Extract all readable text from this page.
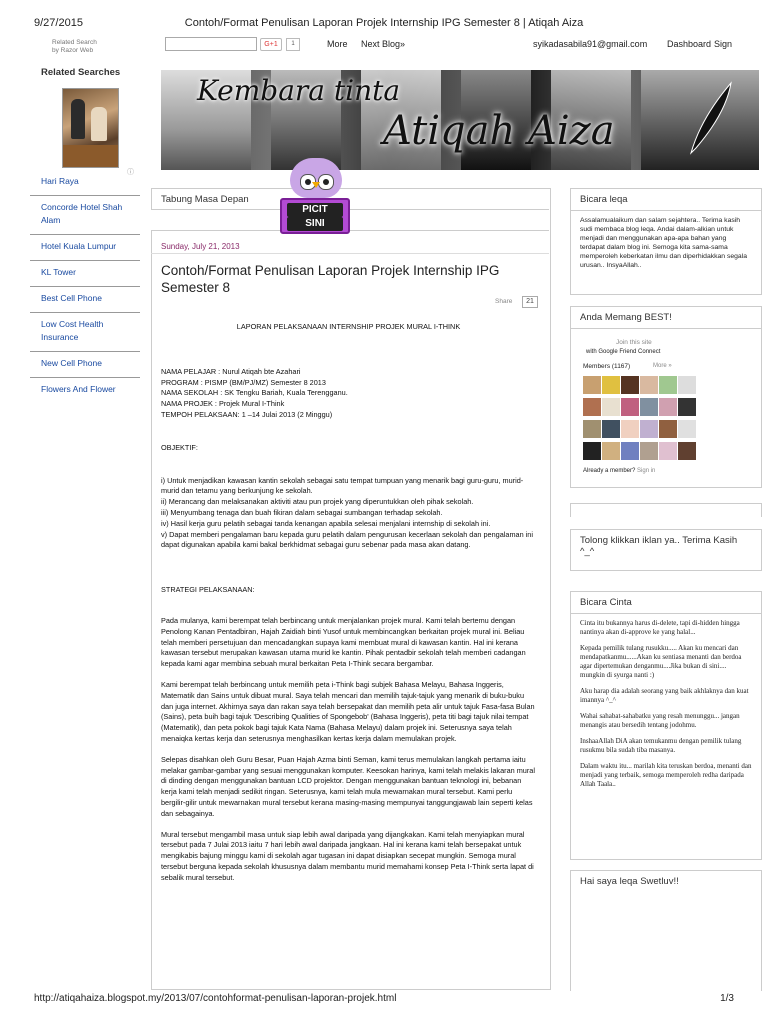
9/27/2015	Contoh/Format Penulisan Laporan Projek Internship IPG Semester 8 | Atiqah Aiza
Related Search
by Razor Web
G+1	1	More Next Blog»	syikadasabila91@gmail.com Dashboard Sign
Related Searches
ⓘ
Hari Raya
Concorde Hotel Shah Alam
Hotel Kuala Lumpur
KL Tower
Best Cell Phone
Low Cost Health Insurance
New Cell Phone
Flowers And Flower
Kembara tinta
Atiqah Aiza
Tabung Masa Depan
PICIT
SINI
Sunday, July 21, 2013
Contoh/Format Penulisan Laporan Projek Internship IPG Semester 8
Share	21

LAPORAN PELAKSANAAN INTERNSHIP PROJEK MURAL I-THINK

NAMA PELAJAR : Nurul Atiqah bte Azahari

PROGRAM : PISMP (BM/PJ/MZ) Semester 8 2013

NAMA SEKOLAH : SK Tengku Bariah, Kuala Terengganu.

NAMA PROJEK : Projek Mural I-Think

TEMPOH PELAKSAAN: 1 –14 Julai 2013 (2 Minggu)

OBJEKTIF:

i) Untuk menjadikan kawasan kantin sekolah sebagai satu tempat tumpuan yang menarik bagi guru-guru, murid-murid dan tetamu yang berkunjung ke sekolah.

ii) Merancang dan melaksanakan aktiviti atau pun projek yang diperuntukkan oleh pihak sekolah.

iii) Menyumbang tenaga dan buah fikiran dalam sebagai sumbangan terhadap sekolah.

iv) Hasil kerja guru pelatih sebagai tanda kenangan apabila selesai menjalani internship di sekolah ini.

v) Dapat memberi pengalaman baru kepada guru pelatih dalam pengurusan kecerlaan sekolah dan pengalaman ini dapat digunakan apabila kami bakal berkhidmat sebagai guru sebenar pada masa akan datang.

STRATEGI PELAKSANAAN:

Pada mulanya, kami berempat telah berbincang untuk menjalankan projek mural. Kami telah bertemu dengan Penolong Kanan Pentadbiran, Hajah Zaidiah binti Yusof untuk membincangkan berkaitan projek mural ini. Beliau telah memberi persetujuan dan mencadangkan supaya kami membuat mural di kawasan kantin. Hal ini kerana kawasan tersebut merupakan kawasan utama murid ke kantin. Pihak pentadbir sekolah telah memberi cadangan kepada kami agar membina sebuah mural berkaitan Peta I-Think secara bergambar.

Kami berempat telah berbincang untuk memilih peta i-Think bagi subjek Bahasa Melayu, Bahasa Inggeris, Matematik dan Sains untuk dibuat mural. Saya telah mencari dan memilih tajuk-tajuk yang menarik di buku-buku dan juga internet. Akhirnya saya dan rakan saya telah bersepakat dan memilih peta alir untuk tajuk Fasa-fasa Bulan (Sains), peta buih bagi tajuk 'Describing Qualities of Spongebob' (Bahasa Inggeris), peta titi bagi tajuk nilai tempat (Matematik), dan peta pokok bagi tajuk Kata Nama (Bahasa Melayu) dalam projek ini. Seterusnya saya telah menaiqka kertas kerja dan seterusnya menghasilkan kertas kerja dalam memulakan projek.

Selepas disahkan oleh Guru Besar, Puan Hajah Azma binti Seman, kami terus memulakan langkah pertama iaitu melakar gambar-gambar yang sesuai menggunakan komputer. Keesokan harinya, kami telah melakis lakaran mural di dinding dengan menggunakan bantuan LCD projektor. Dengan menggunakan bantuan teknologi ini, bebanan kerja kami telah menjadi sedikit ringan. Seterusnya, kami telah mula mewarnakan mural tersebut. Kami perlu bergilir-gilir untuk mewarnakan mural tersebut kerana masing-masing mempunyai tanggungjawab lain seperti kelas dan sebagainya.

Mural tersebut mengambil masa untuk siap lebih awal daripada yang dijangkakan. Kami telah menyiapkan mural tersebut pada 7 Julai 2013 iaitu 7 hari lebih awal daripada jangkaan. Hal ini kerana kami telah bersepakat untuk mengikabis bajung minggu kami di sekolah agar tugasan ini dapat disiapkan secepat mungkin. Semoga mural tersebut berguna kepada sekolah khususnya dalam membantu murid memahami konsep Peta I-Think serta lapat di sebalik mural tersebut.

Bicara leqa
Assalamualaikum dan salam sejahtera.. Terima kasih sudi membaca blog leqa. Andai dalam-alkian untuk menjadi dan menggunakan apa-apa bahan yang terdapat dalam blog ini. Semoga kita sama-sama memperoleh keberkatan ilmu dan diperhidakkan segala urusan.. InsyaAllah..
Anda Memang BEST!
Join this site
with Google Friend Connect
Members (1167)	More »
Already a member? Sign in

Tolong klikkan iklan ya.. Terima Kasih ^_^
Bicara Cinta

Cinta itu bukannya harus di-delete, tapi di-hidden hingga nantinya akan di-approve ke yang halal...

Kepada pemilik tulang rusukku..... Akan ku mencari dan mendapatkanmu......Akan ku sentiasa menanti dan berdoa agar dipertemukan denganmu....Jika bukan di sini.... mungkin di syurga nanti :)

Aku harap dia adalah seorang yang baik akhlaknya dan kuat imannya ^_^

Wahai sahabat-sahabatku yang resah menunggu... jangan menangis atau bersedih tentang jodohmu.

InshaaAllah DiA akan temukanmu dengan pemilik tulang rusukmu bila sudah tiba masanya.

Dalam waktu itu... marilah kita teruskan berdoa, menanti dan menjadi yang terbaik, semoga memperoleh redha daripada Allah Taala..

Hai saya leqa Swetluv!!
http://atiqahaiza.blogspot.my/2013/07/contohformat-penulisan-laporan-projek.html	1/3
